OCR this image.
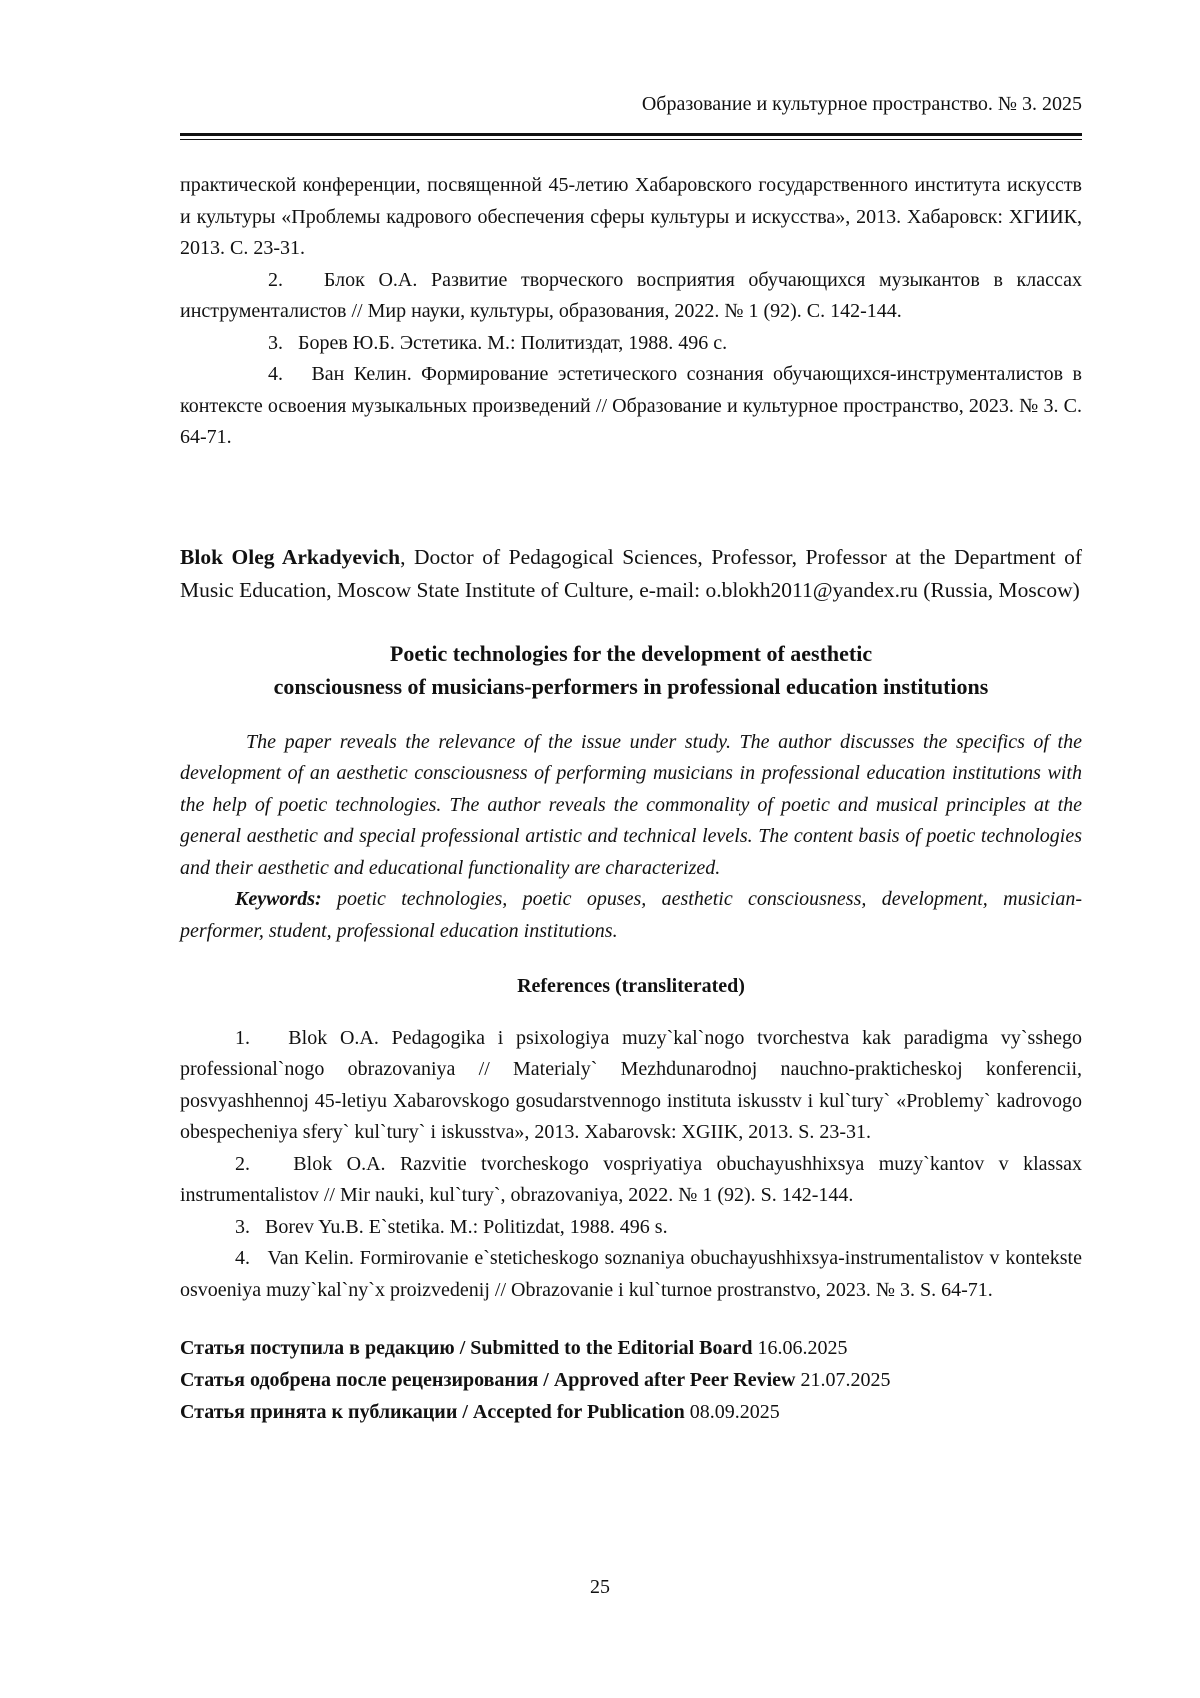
Образование и культурное пространство. № 3. 2025

практической конференции, посвященной 45-летию Хабаровского государственного института искусств и культуры «Проблемы кадрового обеспечения сферы культуры и искусства», 2013. Хабаровск: ХГИИК, 2013. С. 23-31.

2.   Блок О.А. Развитие творческого восприятия обучающихся музыкантов в классах инструменталистов // Мир науки, культуры, образования, 2022. № 1 (92). С. 142-144.

3.   Борев Ю.Б. Эстетика. М.: Политиздат, 1988. 496 с.

4.   Ван Келин. Формирование эстетического сознания обучающихся-инструменталистов в контексте освоения музыкальных произведений // Образование и культурное пространство, 2023. № 3. С. 64-71.

Blok Oleg Arkadyevich, Doctor of Pedagogical Sciences, Professor, Professor at the Department of Music Education, Moscow State Institute of Culture, e-mail: o.blokh2011@yandex.ru (Russia, Moscow)

Poetic technologies for the development of aesthetic
consciousness of musicians-performers in professional education institutions

The paper reveals the relevance of the issue under study. The author discusses the specifics of the development of an aesthetic consciousness of performing musicians in professional education institutions with the help of poetic technologies. The author reveals the commonality of poetic and musical principles at the general aesthetic and special professional artistic and technical levels. The content basis of poetic technologies and their aesthetic and educational functionality are characterized.

Keywords: poetic technologies, poetic opuses, aesthetic consciousness, development, musician-performer, student, professional education institutions.

References (transliterated)

1.   Blok O.A. Pedagogika i psixologiya muzy`kal`nogo tvorchestva kak paradigma vy`sshego professional`nogo obrazovaniya // Materialy` Mezhdunarodnoj nauchno-prakticheskoj konferencii, posvyashhennoj 45-letiyu Xabarovskogo gosudarstvennogo instituta iskusstv i kul`tury` «Problemy` kadrovogo obespecheniya sfery` kul`tury` i iskusstva», 2013. Xabarovsk: XGIIK, 2013. S. 23-31.

2.   Blok O.A. Razvitie tvorcheskogo vospriyatiya obuchayushhixsya muzy`kantov v klassax instrumentalistov // Mir nauki, kul`tury`, obrazovaniya, 2022. № 1 (92). S. 142-144.

3.   Borev Yu.B. E`stetika. M.: Politizdat, 1988. 496 s.

4.   Van Kelin. Formirovanie e`steticheskogo soznaniya obuchayushhixsya-instrumentalistov v kontekste osvoeniya muzy`kal`ny`x proizvedenij // Obrazovanie i kul`turnoe prostranstvo, 2023. № 3. S. 64-71.

Статья поступила в редакцию / Submitted to the Editorial Board 16.06.2025
Статья одобрена после рецензирования / Approved after Peer Review 21.07.2025
Статья принята к публикации / Accepted for Publication 08.09.2025
25
